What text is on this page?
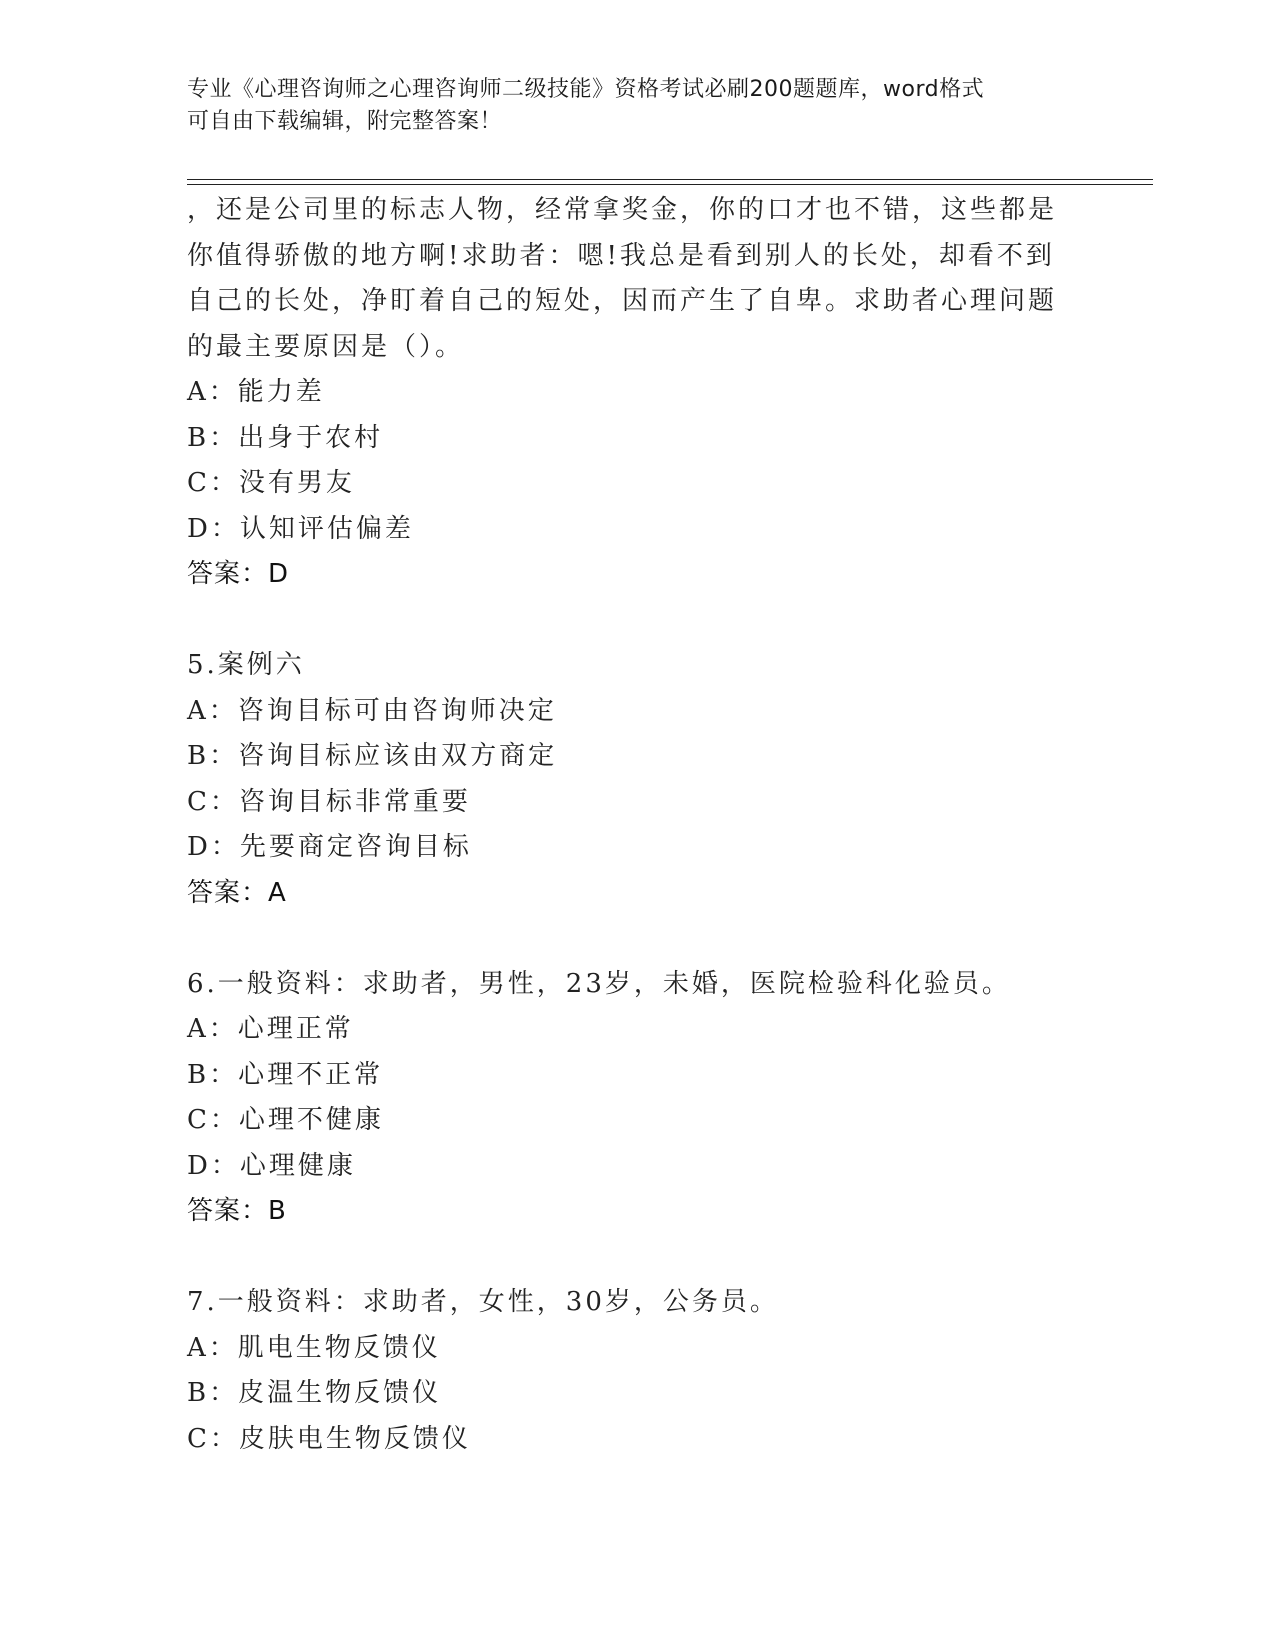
专业《心理咨询师之心理咨询师二级技能》资格考试必刷200题题库，word格式
可自由下载编辑，附完整答案！
，还是公司里的标志人物，经常拿奖金，你的口才也不错，这些都是
你值得骄傲的地方啊!求助者：嗯!我总是看到别人的长处，却看不到
自己的长处，净盯着自己的短处，因而产生了自卑。求助者心理问题
的最主要原因是（）。
A：能力差
B：出身于农村
C：没有男友
D：认知评估偏差
答案：D
5.案例六
A：咨询目标可由咨询师决定
B：咨询目标应该由双方商定
C：咨询目标非常重要
D：先要商定咨询目标
答案：A
6.一般资料：求助者，男性，23岁，未婚，医院检验科化验员。
A：心理正常
B：心理不正常
C：心理不健康
D：心理健康
答案：B
7.一般资料：求助者，女性，30岁，公务员。
A：肌电生物反馈仪
B：皮温生物反馈仪
C：皮肤电生物反馈仪
